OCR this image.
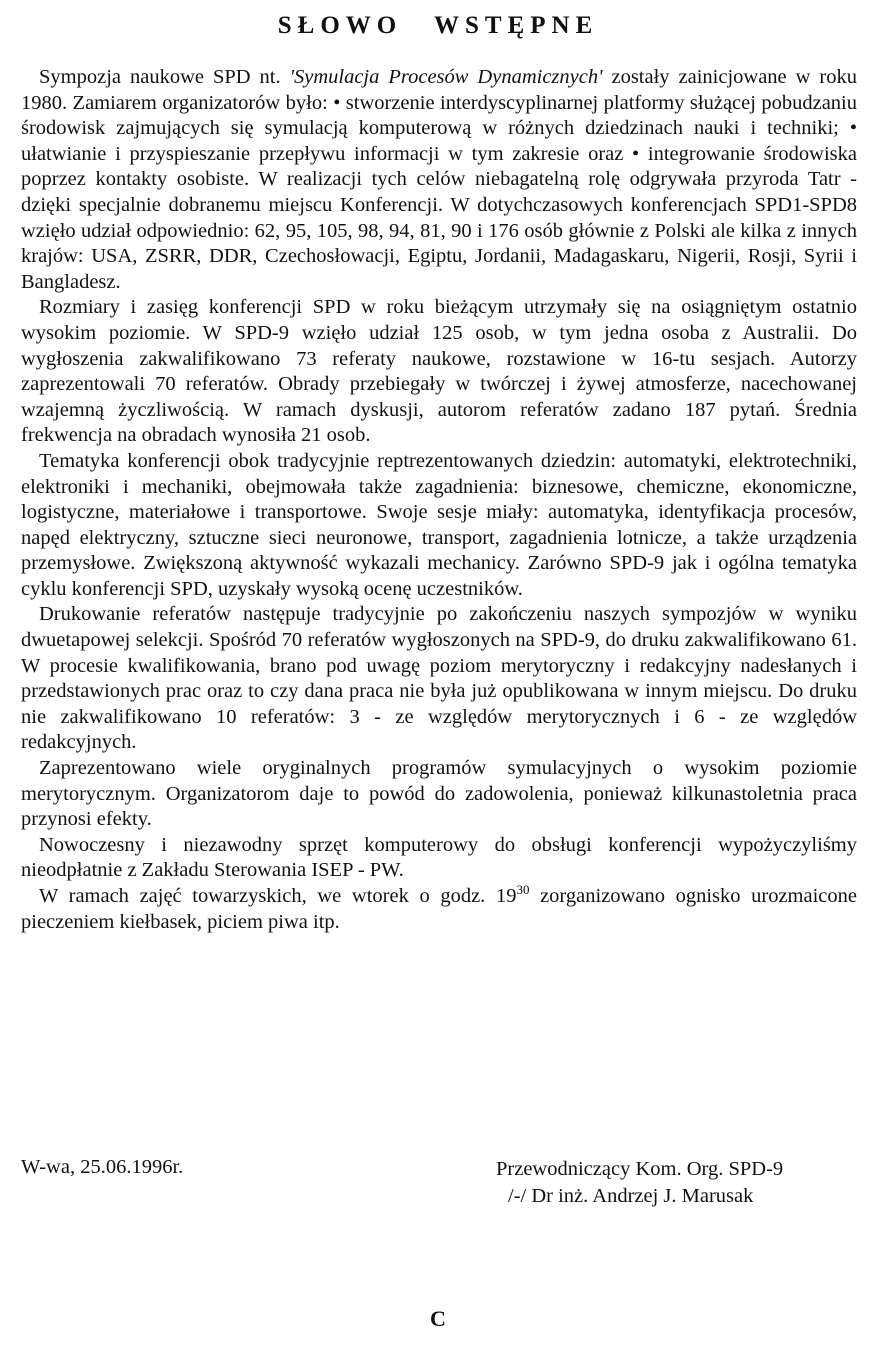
SŁOWO WSTĘPNE

Sympozja naukowe SPD nt. 'Symulacja Procesów Dynamicznych' zostały zainicjowane w roku 1980. Zamiarem organizatorów było: • stworzenie interdyscyplinarnej platformy służącej pobudzaniu środowisk zajmujących się symulacją komputerową w różnych dziedzinach nauki i techniki; • ułatwianie i przyspieszanie przepływu informacji w tym zakresie oraz • integrowanie środowiska poprzez kontakty osobiste. W realizacji tych celów niebagatelną rolę odgrywała przyroda Tatr - dzięki specjalnie dobranemu miejscu Konferencji. W dotychczasowych konferencjach SPD1-SPD8 wzięło udział odpowiednio: 62, 95, 105, 98, 94, 81, 90 i 176 osób głównie z Polski ale kilka z innych krajów: USA, ZSRR, DDR, Czechosłowacji, Egiptu, Jordanii, Madagaskaru, Nigerii, Rosji, Syrii i Bangladesz.

Rozmiary i zasięg konferencji SPD w roku bieżącym utrzymały się na osiągniętym ostatnio wysokim poziomie. W SPD-9 wzięło udział 125 osob, w tym jedna osoba z Australii. Do wygłoszenia zakwalifikowano 73 referaty naukowe, rozstawione w 16-tu sesjach. Autorzy zaprezentowali 70 referatów. Obrady przebiegały w twórczej i żywej atmosferze, nacechowanej wzajemną życzliwością. W ramach dyskusji, autorom referatów zadano 187 pytań. Średnia frekwencja na obradach wynosiła 21 osob.

Tematyka konferencji obok tradycyjnie reptrezentowanych dziedzin: automatyki, elektrotechniki, elektroniki i mechaniki, obejmowała także zagadnienia: biznesowe, chemiczne, ekonomiczne, logistyczne, materiałowe i transportowe. Swoje sesje miały: automatyka, identyfikacja procesów, napęd elektryczny, sztuczne sieci neuronowe, transport, zagadnienia lotnicze, a także urządzenia przemysłowe. Zwiększoną aktywność wykazali mechanicy. Zarówno SPD-9 jak i ogólna tematyka cyklu konferencji SPD, uzyskały wysoką ocenę uczestników.

Drukowanie referatów następuje tradycyjnie po zakończeniu naszych sympozjów w wyniku dwuetapowej selekcji. Spośród 70 referatów wygłoszonych na SPD-9, do druku zakwalifikowano 61. W procesie kwalifikowania, brano pod uwagę poziom merytoryczny i redakcyjny nadesłanych i przedstawionych prac oraz to czy dana praca nie była już opublikowana w innym miejscu. Do druku nie zakwalifikowano 10 referatów: 3 - ze względów merytorycznych i 6 - ze względów redakcyjnych.

Zaprezentowano wiele oryginalnych programów symulacyjnych o wysokim poziomie merytorycznym. Organizatorom daje to powód do zadowolenia, ponieważ kilkunastoletnia praca przynosi efekty.

Nowoczesny i niezawodny sprzęt komputerowy do obsługi konferencji wypożyczyliśmy nieodpłatnie z Zakładu Sterowania ISEP - PW.

W ramach zajęć towarzyskich, we wtorek o godz. $19^{30}$ zorganizowano ognisko urozmaicone pieczeniem kiełbasek, piciem piwa itp.

W-wa, 25.06.1996r.	Przewodniczący Kom. Org. SPD-9
/-/ Dr inż. Andrzej J. Marusak
C
